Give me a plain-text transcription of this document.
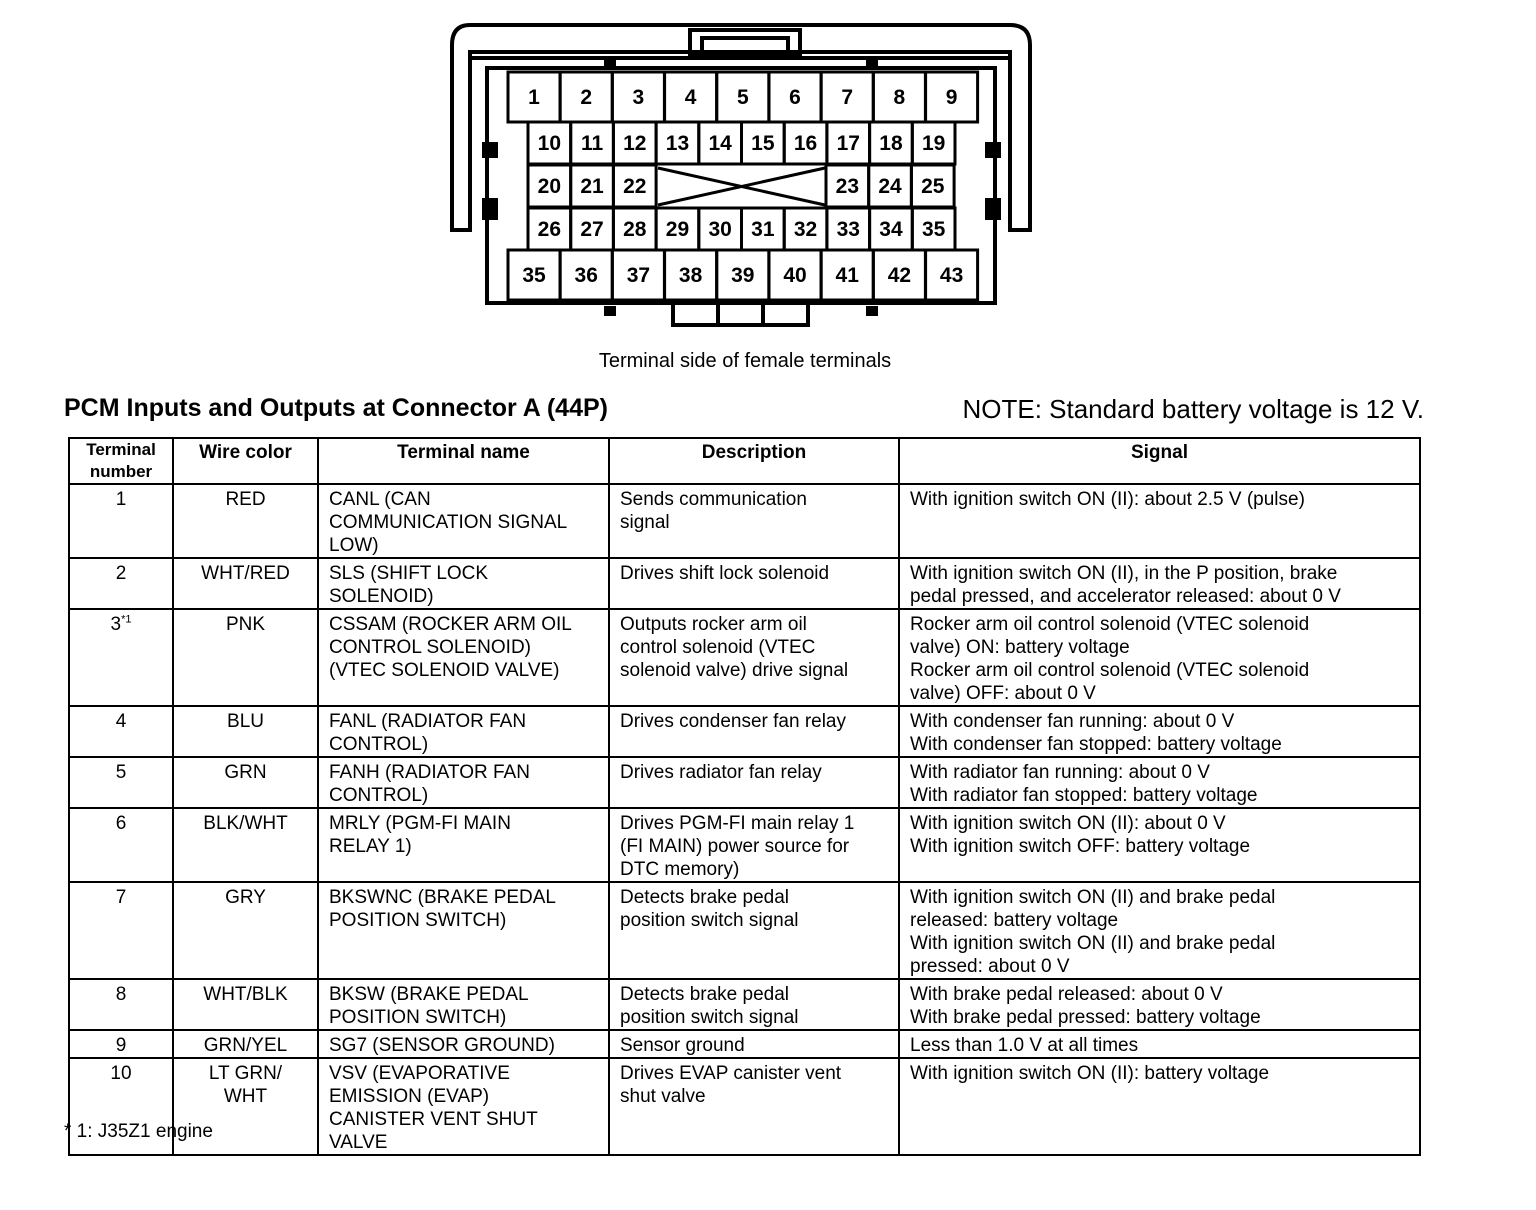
1 2 3 4 5 6 7 8 9
10 11 12 13 14 15 16 17 18 19
20 21 22	23 24 25
26 27 28 29 30 31 32 33 34 35
35 36 37 38 39 40 41 42 43
Terminal side of female terminals
PCM Inputs and Outputs at Connector A (44P)	NOTE: Standard battery voltage is 12 V.
Terminal
number	Wire color	Terminal name	Description	Signal
1	RED	CANL (CAN
COMMUNICATION SIGNAL
LOW)	Sends communication
signal	With ignition switch ON (II): about 2.5 V (pulse)
2	WHT/RED	SLS (SHIFT LOCK
SOLENOID)	Drives shift lock solenoid	With ignition switch ON (II), in the P position, brake
pedal pressed, and accelerator released: about 0 V
3$^{*1}$	PNK	CSSAM (ROCKER ARM OIL
CONTROL SOLENOID)
(VTEC SOLENOID VALVE)	Outputs rocker arm oil
control solenoid (VTEC
solenoid valve) drive signal	Rocker arm oil control solenoid (VTEC solenoid
valve) ON: battery voltage
Rocker arm oil control solenoid (VTEC solenoid
valve) OFF: about 0 V
4	BLU	FANL (RADIATOR FAN
CONTROL)	Drives condenser fan relay	With condenser fan running: about 0 V
With condenser fan stopped: battery voltage
5	GRN	FANH (RADIATOR FAN
CONTROL)	Drives radiator fan relay	With radiator fan running: about 0 V
With radiator fan stopped: battery voltage
6	BLK/WHT	MRLY (PGM-FI MAIN
RELAY 1)	Drives PGM-FI main relay 1
(FI MAIN) power source for
DTC memory)	With ignition switch ON (II): about 0 V
With ignition switch OFF: battery voltage
7	GRY	BKSWNC (BRAKE PEDAL
POSITION SWITCH)	Detects brake pedal
position switch signal	With ignition switch ON (II) and brake pedal
released: battery voltage
With ignition switch ON (II) and brake pedal
pressed: about 0 V
8	WHT/BLK	BKSW (BRAKE PEDAL
POSITION SWITCH)	Detects brake pedal
position switch signal	With brake pedal released: about 0 V
With brake pedal pressed: battery voltage
9	GRN/YEL	SG7 (SENSOR GROUND)	Sensor ground	Less than 1.0 V at all times
10	LT GRN/
WHT	VSV (EVAPORATIVE
EMISSION (EVAP)
CANISTER VENT SHUT
VALVE	Drives EVAP canister vent
shut valve	With ignition switch ON (II): battery voltage
* 1: J35Z1 engine
